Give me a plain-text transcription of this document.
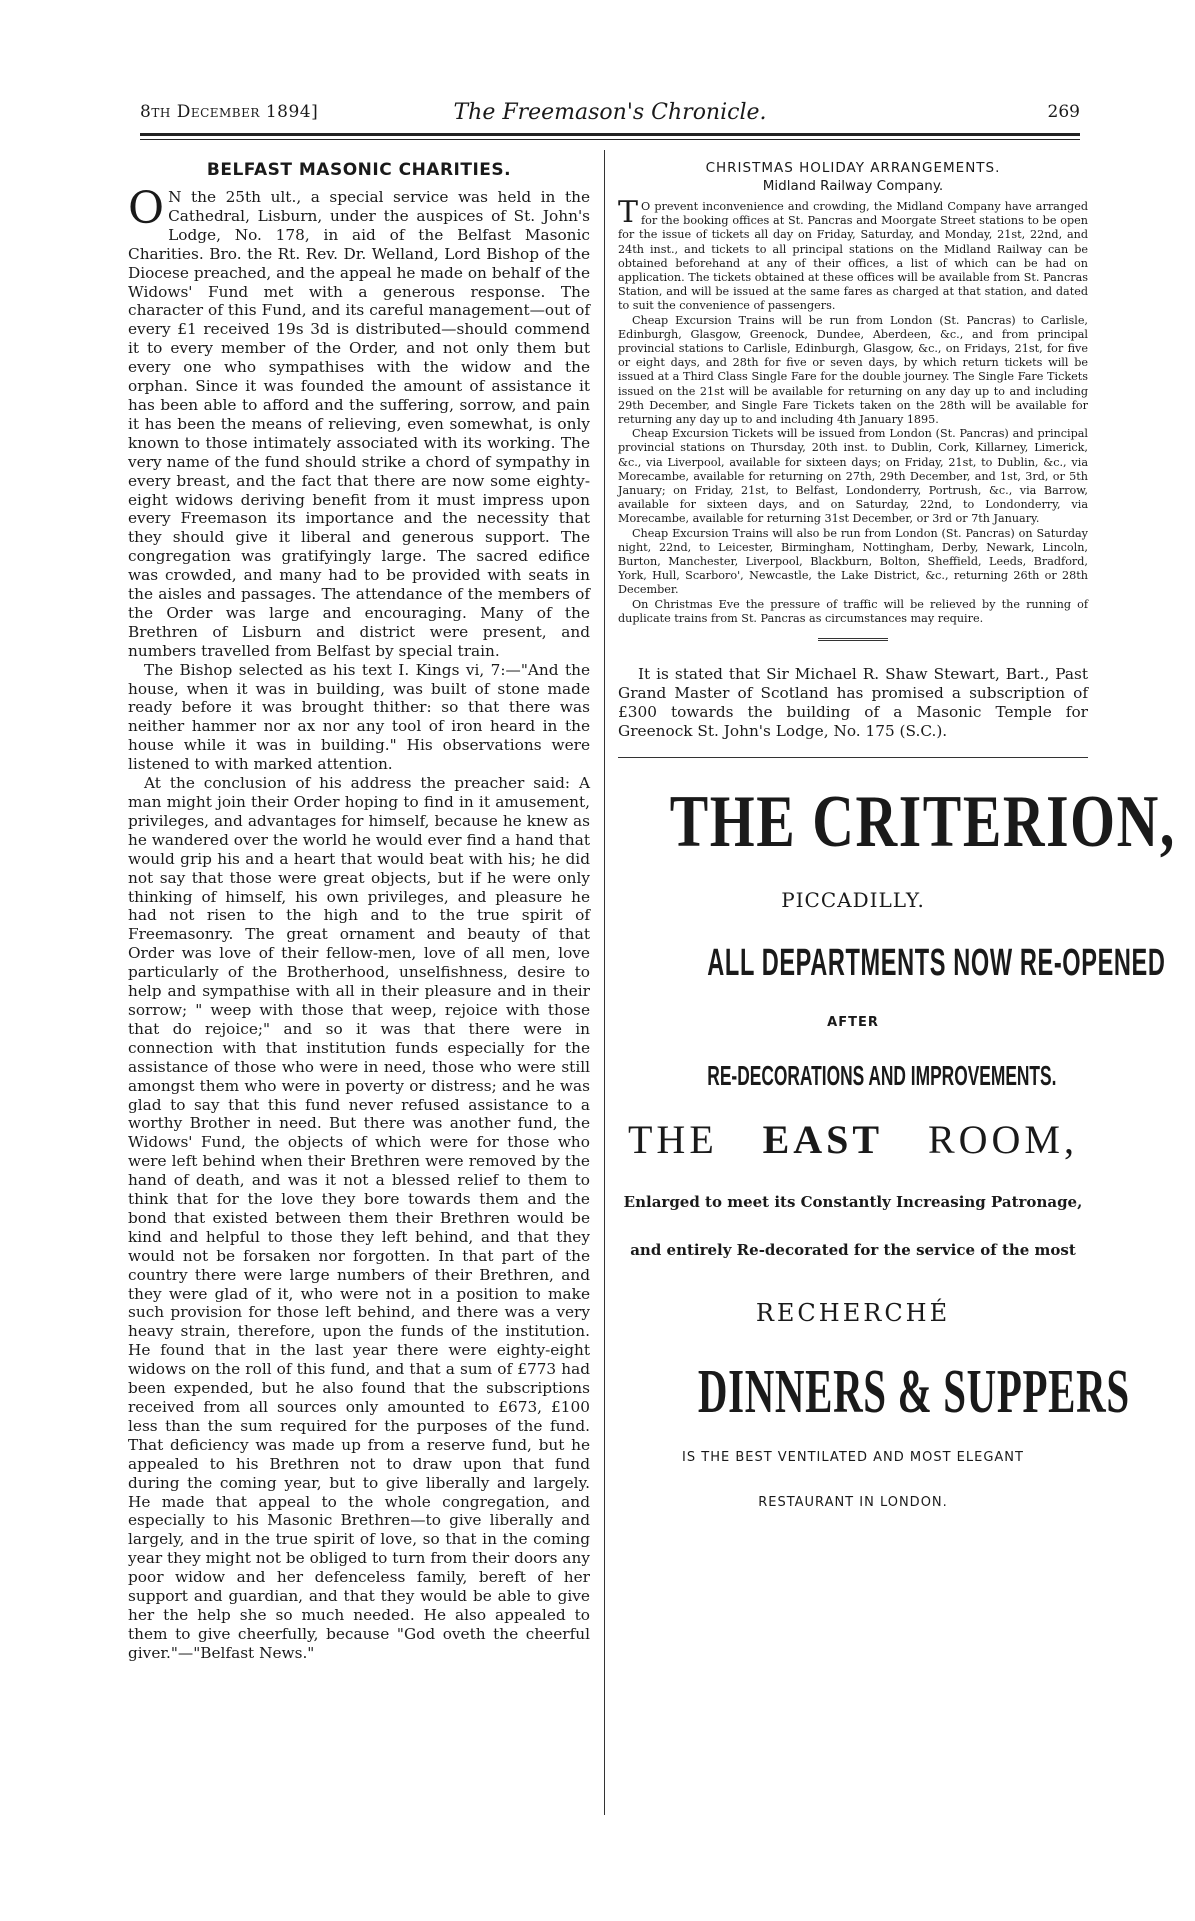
8th December 1894]	The Freemason's Chronicle.	269
BELFAST MASONIC CHARITIES.

O N the 25th ult., a special service was held in the Cathedral, Lisburn, under the auspices of St. John's Lodge, No. 178, in aid of the Belfast Masonic Charities. Bro. the Rt. Rev. Dr. Welland, Lord Bishop of the Diocese preached, and the appeal he made on behalf of the Widows' Fund met with a generous response. The character of this Fund, and its careful management—out of every £1 received 19s 3d is distributed—should commend it to every member of the Order, and not only them but every one who sympathises with the widow and the orphan. Since it was founded the amount of assistance it has been able to afford and the suffering, sorrow, and pain it has been the means of relieving, even somewhat, is only known to those intimately associated with its working. The very name of the fund should strike a chord of sympathy in every breast, and the fact that there are now some eighty-eight widows deriving benefit from it must impress upon every Freemason its importance and the necessity that they should give it liberal and generous support. The congregation was gratifyingly large. The sacred edifice was crowded, and many had to be provided with seats in the aisles and passages. The attendance of the members of the Order was large and encouraging. Many of the Brethren of Lisburn and district were present, and numbers travelled from Belfast by special train.

The Bishop selected as his text I. Kings vi, 7:—"And the house, when it was in building, was built of stone made ready before it was brought thither: so that there was neither hammer nor ax nor any tool of iron heard in the house while it was in building." His observations were listened to with marked attention.

At the conclusion of his address the preacher said: A man might join their Order hoping to find in it amusement, privileges, and advantages for himself, because he knew as he wandered over the world he would ever find a hand that would grip his and a heart that would beat with his; he did not say that those were great objects, but if he were only thinking of himself, his own privileges, and pleasure he had not risen to the high and to the true spirit of Freemasonry. The great ornament and beauty of that Order was love of their fellow-men, love of all men, love particularly of the Brotherhood, unselfishness, desire to help and sympathise with all in their pleasure and in their sorrow; " weep with those that weep, rejoice with those that do rejoice;" and so it was that there were in connection with that institution funds especially for the assistance of those who were in need, those who were still amongst them who were in poverty or distress; and he was glad to say that this fund never refused assistance to a worthy Brother in need. But there was another fund, the Widows' Fund, the objects of which were for those who were left behind when their Brethren were removed by the hand of death, and was it not a blessed relief to them to think that for the love they bore towards them and the bond that existed between them their Brethren would be kind and helpful to those they left behind, and that they would not be forsaken nor forgotten. In that part of the country there were large numbers of their Brethren, and they were glad of it, who were not in a position to make such provision for those left behind, and there was a very heavy strain, therefore, upon the funds of the institution. He found that in the last year there were eighty-eight widows on the roll of this fund, and that a sum of £773 had been expended, but he also found that the subscriptions received from all sources only amounted to £673, £100 less than the sum required for the purposes of the fund. That deficiency was made up from a reserve fund, but he appealed to his Brethren not to draw upon that fund during the coming year, but to give liberally and largely. He made that appeal to the whole congregation, and especially to his Masonic Brethren—to give liberally and largely, and in the true spirit of love, so that in the coming year they might not be obliged to turn from their doors any poor widow and her defenceless family, bereft of her support and guardian, and that they would be able to give her the help she so much needed. He also appealed to them to give cheerfully, because "God oveth the cheerful giver."—"Belfast News."

CHRISTMAS HOLIDAY ARRANGEMENTS.
Midland Railway Company.

T O prevent inconvenience and crowding, the Midland Company have arranged for the booking offices at St. Pancras and Moorgate Street stations to be open for the issue of tickets all day on Friday, Saturday, and Monday, 21st, 22nd, and 24th inst., and tickets to all principal stations on the Midland Railway can be obtained beforehand at any of their offices, a list of which can be had on application. The tickets obtained at these offices will be available from St. Pancras Station, and will be issued at the same fares as charged at that station, and dated to suit the convenience of passengers.

Cheap Excursion Trains will be run from London (St. Pancras) to Carlisle, Edinburgh, Glasgow, Greenock, Dundee, Aberdeen, &c., and from principal provincial stations to Carlisle, Edinburgh, Glasgow, &c., on Fridays, 21st, for five or eight days, and 28th for five or seven days, by which return tickets will be issued at a Third Class Single Fare for the double journey. The Single Fare Tickets issued on the 21st will be available for returning on any day up to and including 29th December, and Single Fare Tickets taken on the 28th will be available for returning any day up to and including 4th January 1895.

Cheap Excursion Tickets will be issued from London (St. Pancras) and principal provincial stations on Thursday, 20th inst. to Dublin, Cork, Killarney, Limerick, &c., via Liverpool, available for sixteen days; on Friday, 21st, to Dublin, &c., via Morecambe, available for returning on 27th, 29th December, and 1st, 3rd, or 5th January; on Friday, 21st, to Belfast, Londonderry, Portrush, &c., via Barrow, available for sixteen days, and on Saturday, 22nd, to Londonderry, via Morecambe, available for returning 31st December, or 3rd or 7th January.

Cheap Excursion Trains will also be run from London (St. Pancras) on Saturday night, 22nd, to Leicester, Birmingham, Nottingham, Derby, Newark, Lincoln, Burton, Manchester, Liverpool, Blackburn, Bolton, Sheffield, Leeds, Bradford, York, Hull, Scarboro', Newcastle, the Lake District, &c., returning 26th or 28th December.

On Christmas Eve the pressure of traffic will be relieved by the running of duplicate trains from St. Pancras as circumstances may require.

It is stated that Sir Michael R. Shaw Stewart, Bart., Past Grand Master of Scotland has promised a subscription of £300 towards the building of a Masonic Temple for Greenock St. John's Lodge, No. 175 (S.C.).

THE CRITERION,
PICCADILLY.
ALL DEPARTMENTS NOW RE-OPENED
AFTER
RE-DECORATIONS AND IMPROVEMENTS.
THE EAST ROOM,
Enlarged to meet its Constantly Increasing Patronage,
and entirely Re-decorated for the service of the most
RECHERCHÉ
DINNERS & SUPPERS
IS THE BEST VENTILATED AND MOST ELEGANT
RESTAURANT IN LONDON.
